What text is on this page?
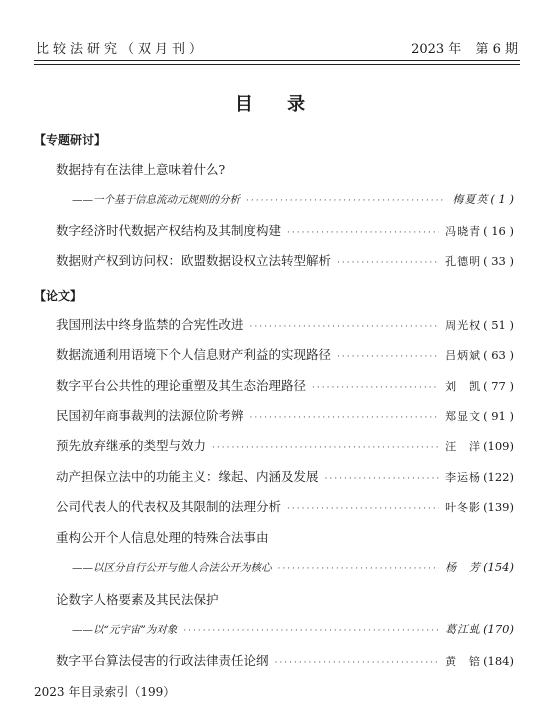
比较法研究（双月刊）	2023 年 第 6 期
目 录
【专题研讨】
数据持有在法律上意味着什么?
——一个基于信息流动元规则的分析 ·····	梅夏英 ( 1 )
数字经济时代数据产权结构及其制度构建 ·····	冯晓青 ( 16 )
数据财产权到访问权：欧盟数据设权立法转型解析 ·····	孔德明 ( 33 )
【论文】
我国刑法中终身监禁的合宪性改进 ·····	周光权 ( 51 )
数据流通利用语境下个人信息财产利益的实现路径 ·····	吕炳斌 ( 63 )
数字平台公共性的理论重塑及其生态治理路径 ·····	刘　凯 ( 77 )
民国初年商事裁判的法源位阶考辨 ·····	郑显文 ( 91 )
预先放弃继承的类型与效力 ·····	汪　洋 (109)
动产担保立法中的功能主义：缘起、内涵及发展 ·····	李运杨 (122)
公司代表人的代表权及其限制的法理分析 ·····	叶冬影 (139)
重构公开个人信息处理的特殊合法事由
——以区分自行公开与他人合法公开为核心 ·····	杨　芳 (154)
论数字人格要素及其民法保护
——以“元宇宙”为对象 ·····	葛江虬 (170)
数字平台算法侵害的行政法律责任论纲 ·····	黄　锫 (184)
2023 年目录索引（199）
